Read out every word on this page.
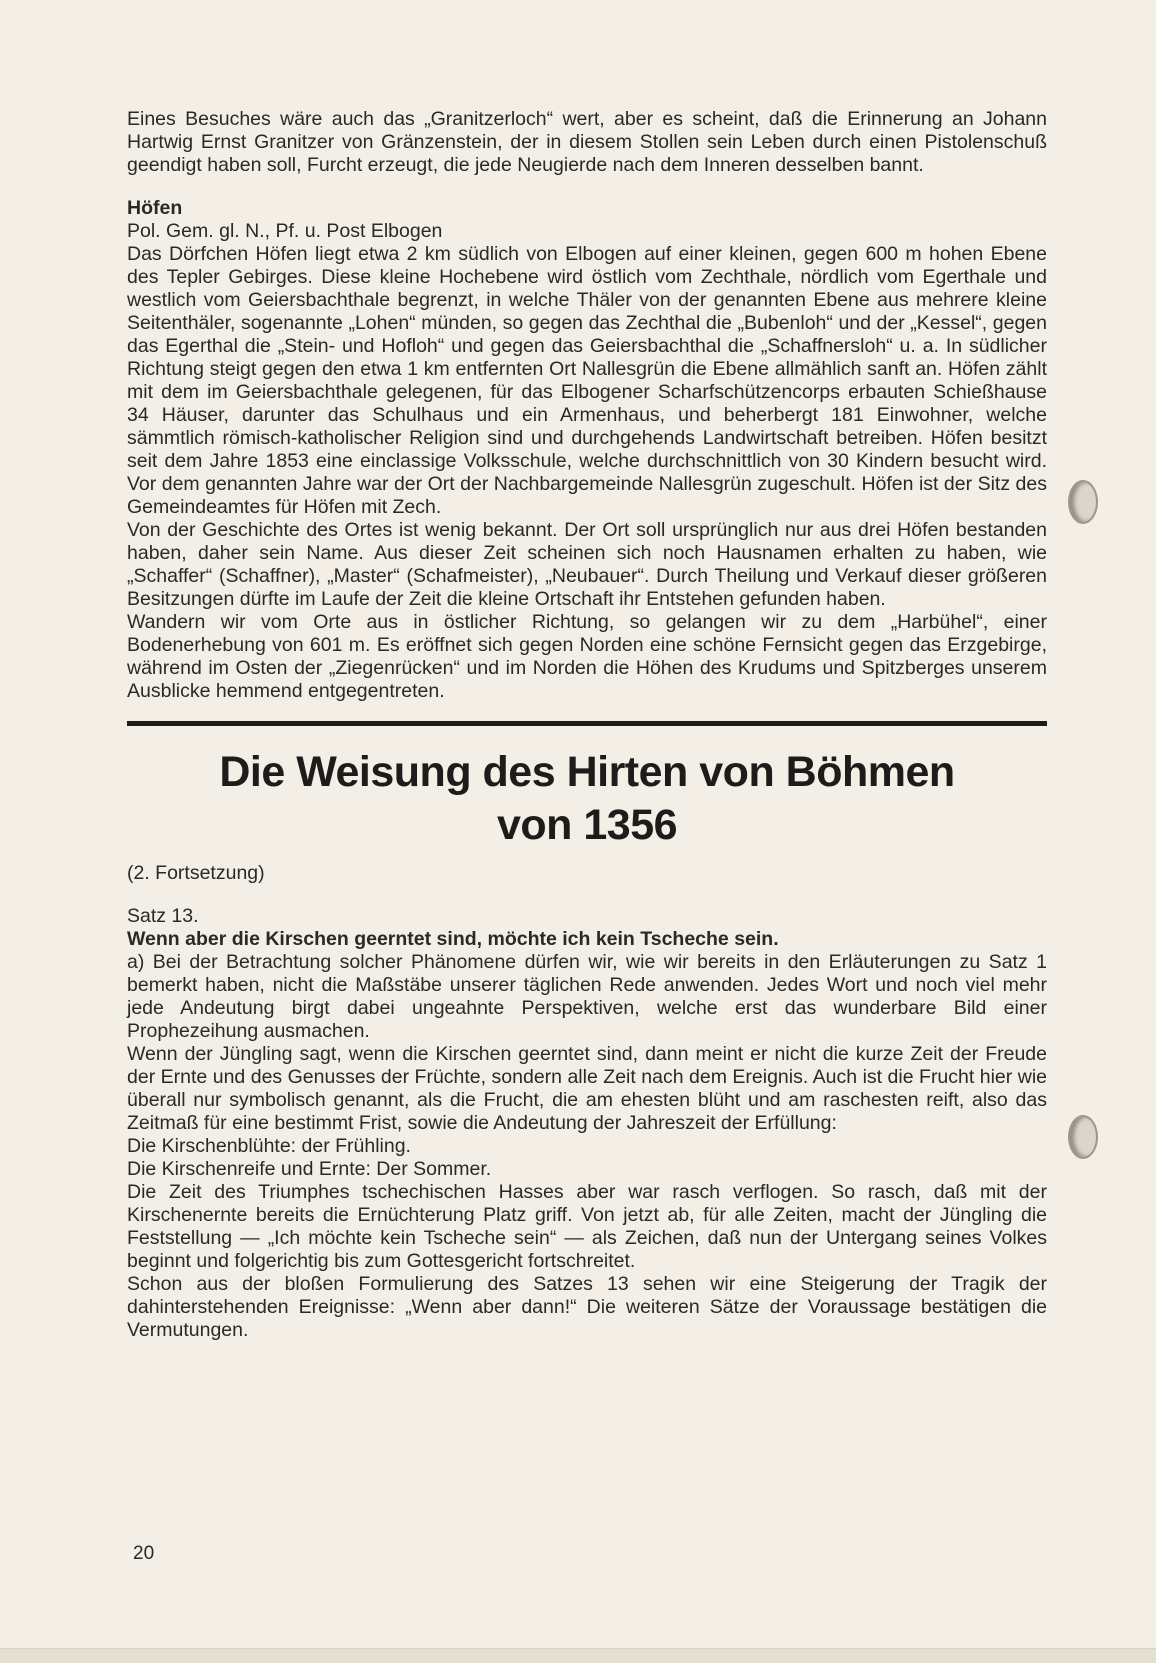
Eines Besuches wäre auch das „Granitzerloch“ wert, aber es scheint, daß die Erinnerung an Johann Hartwig Ernst Granitzer von Gränzenstein, der in diesem Stollen sein Leben durch einen Pistolenschuß geendigt haben soll, Furcht erzeugt, die jede Neugierde nach dem Inneren desselben bannt.

Höfen

Pol. Gem. gl. N., Pf. u. Post Elbogen

Das Dörfchen Höfen liegt etwa 2 km südlich von Elbogen auf einer kleinen, gegen 600 m hohen Ebene des Tepler Gebirges. Diese kleine Hochebene wird östlich vom Zechthale, nördlich vom Egerthale und westlich vom Geiersbachthale begrenzt, in welche Thäler von der genannten Ebene aus mehrere kleine Seitenthäler, sogenannte „Lohen“ münden, so gegen das Zechthal die „Bubenloh“ und der „Kessel“, gegen das Egerthal die „Stein- und Hofloh“ und gegen das Geiersbachthal die „Schaffnersloh“ u. a. In südlicher Richtung steigt gegen den etwa 1 km entfernten Ort Nallesgrün die Ebene allmählich sanft an. Höfen zählt mit dem im Geiersbachthale gelegenen, für das Elbogener Scharfschützencorps erbauten Schießhause 34 Häuser, darunter das Schulhaus und ein Armenhaus, und beherbergt 181 Einwohner, welche sämmtlich römisch-katholischer Religion sind und durchgehends Landwirtschaft betreiben. Höfen besitzt seit dem Jahre 1853 eine einclassige Volksschule, welche durchschnittlich von 30 Kindern besucht wird. Vor dem genannten Jahre war der Ort der Nachbargemeinde Nallesgrün zugeschult. Höfen ist der Sitz des Gemeindeamtes für Höfen mit Zech.

Von der Geschichte des Ortes ist wenig bekannt. Der Ort soll ursprünglich nur aus drei Höfen bestanden haben, daher sein Name. Aus dieser Zeit scheinen sich noch Hausnamen erhalten zu haben, wie „Schaffer“ (Schaffner), „Master“ (Schafmeister), „Neubauer“. Durch Theilung und Verkauf dieser größeren Besitzungen dürfte im Laufe der Zeit die kleine Ortschaft ihr Entstehen gefunden haben.

Wandern wir vom Orte aus in östlicher Richtung, so gelangen wir zu dem „Harbühel“, einer Bodenerhebung von 601 m. Es eröffnet sich gegen Norden eine schöne Fernsicht gegen das Erzgebirge, während im Osten der „Ziegenrücken“ und im Norden die Höhen des Krudums und Spitzberges unserem Ausblicke hemmend entgegentreten.

Die Weisung des Hirten von Böhmen

von 1356

(2. Fortsetzung)

Satz 13.

Wenn aber die Kirschen geerntet sind, möchte ich kein Tscheche sein.

a) Bei der Betrachtung solcher Phänomene dürfen wir, wie wir bereits in den Erläuterungen zu Satz 1 bemerkt haben, nicht die Maßstäbe unserer täglichen Rede anwenden. Jedes Wort und noch viel mehr jede Andeutung birgt dabei ungeahnte Perspektiven, welche erst das wunderbare Bild einer Prophezeihung ausmachen.

Wenn der Jüngling sagt, wenn die Kirschen geerntet sind, dann meint er nicht die kurze Zeit der Freude der Ernte und des Genusses der Früchte, sondern alle Zeit nach dem Ereignis. Auch ist die Frucht hier wie überall nur symbolisch genannt, als die Frucht, die am ehesten blüht und am raschesten reift, also das Zeitmaß für eine bestimmt Frist, sowie die Andeutung der Jahreszeit der Erfüllung:

Die Kirschenblühte: der Frühling.

Die Kirschenreife und Ernte: Der Sommer.

Die Zeit des Triumphes tschechischen Hasses aber war rasch verflogen. So rasch, daß mit der Kirschenernte bereits die Ernüchterung Platz griff. Von jetzt ab, für alle Zeiten, macht der Jüngling die Feststellung — „Ich möchte kein Tscheche sein“ — als Zeichen, daß nun der Untergang seines Volkes beginnt und folgerichtig bis zum Gottesgericht fortschreitet.

Schon aus der bloßen Formulierung des Satzes 13 sehen wir eine Steigerung der Tragik der dahinterstehenden Ereignisse: „Wenn aber dann!“ Die weiteren Sätze der Voraussage bestätigen die Vermutungen.

20
